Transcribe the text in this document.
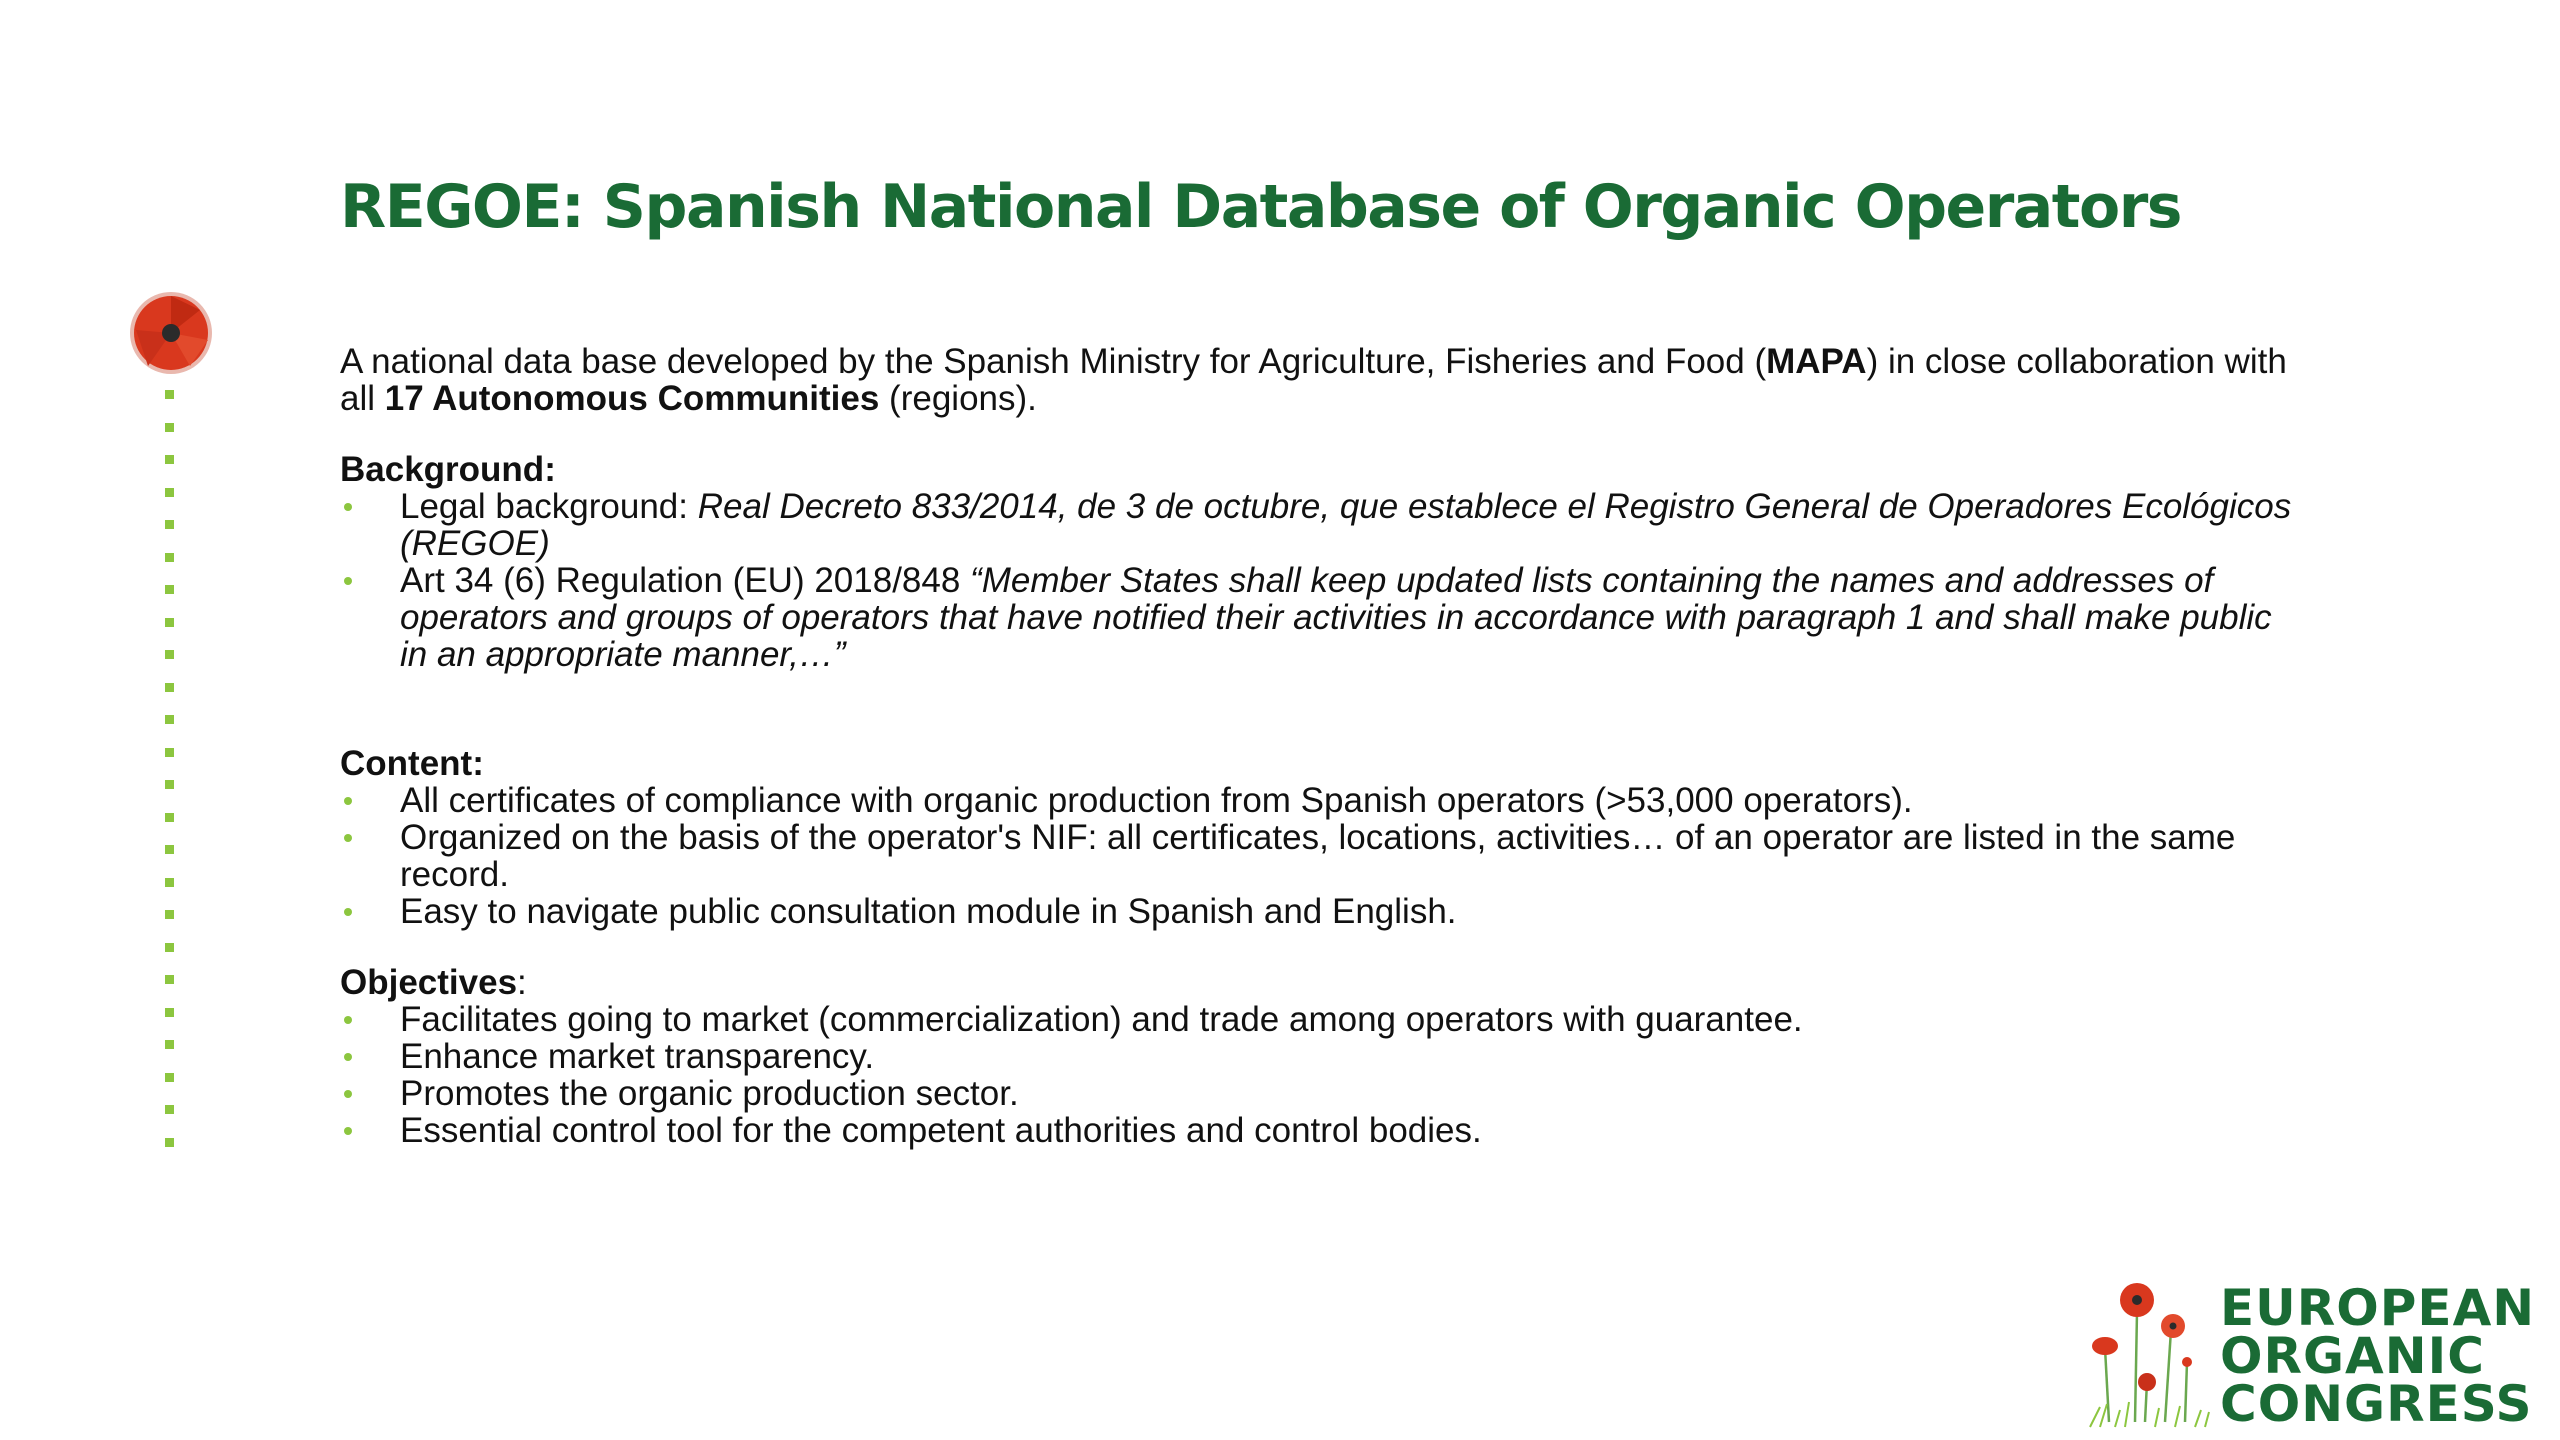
REGOE: Spanish National Database of Organic Operators

A national data base developed by the Spanish Ministry for Agriculture, Fisheries and Food (MAPA) in close collaboration with all 17 Autonomous Communities (regions).

Background:

Legal background: Real Decreto 833/2014, de 3 de octubre, que establece el Registro General de Operadores Ecológicos (REGOE)
Art 34 (6) Regulation (EU) 2018/848 “Member States shall keep updated lists containing the names and addresses of operators and groups of operators that have notified their activities in accordance with paragraph 1 and shall make public in an appropriate manner,…”

Content:

All certificates of compliance with organic production from Spanish operators (>53,000 operators).
Organized on the basis of the operator's NIF: all certificates, locations, activities… of an operator are listed in the same record.
Easy to navigate public consultation module in Spanish and English.

Objectives:

Facilitates going to market (commercialization) and trade among operators with guarantee.
Enhance market transparency.
Promotes the organic production sector.
Essential control tool for the competent authorities and control bodies.
EUROPEAN
ORGANIC
CONGRESS
